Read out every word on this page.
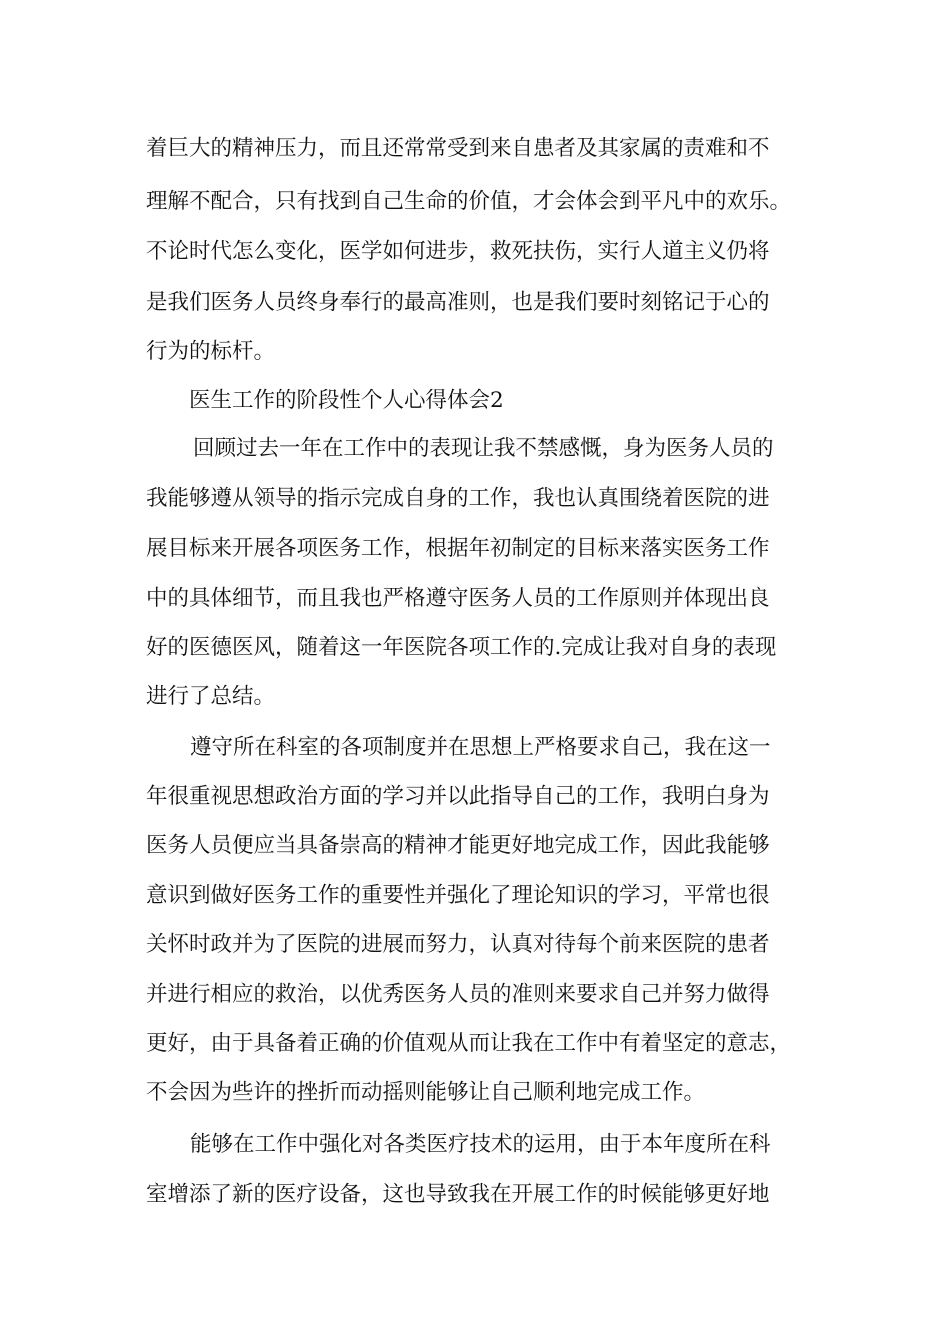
着巨大的精神压力，而且还常常受到来自患者及其家属的责难和不
理解不配合，只有找到自己生命的价值，才会体会到平凡中的欢乐。
不论时代怎么变化，医学如何进步，救死扶伤，实行人道主义仍将
是我们医务人员终身奉行的最高准则，也是我们要时刻铭记于心的
行为的标杆。
医生工作的阶段性个人心得体会2
回顾过去一年在工作中的表现让我不禁感慨，身为医务人员的
我能够遵从领导的指示完成自身的工作，我也认真围绕着医院的进
展目标来开展各项医务工作，根据年初制定的目标来落实医务工作
中的具体细节，而且我也严格遵守医务人员的工作原则并体现出良
好的医德医风，随着这一年医院各项工作的.完成让我对自身的表现
进行了总结。
遵守所在科室的各项制度并在思想上严格要求自己，我在这一
年很重视思想政治方面的学习并以此指导自己的工作，我明白身为
医务人员便应当具备崇高的精神才能更好地完成工作，因此我能够
意识到做好医务工作的重要性并强化了理论知识的学习，平常也很
关怀时政并为了医院的进展而努力，认真对待每个前来医院的患者
并进行相应的救治，以优秀医务人员的准则来要求自己并努力做得
更好，由于具备着正确的价值观从而让我在工作中有着坚定的意志，
不会因为些许的挫折而动摇则能够让自己顺利地完成工作。
能够在工作中强化对各类医疗技术的运用，由于本年度所在科
室增添了新的医疗设备，这也导致我在开展工作的时候能够更好地
